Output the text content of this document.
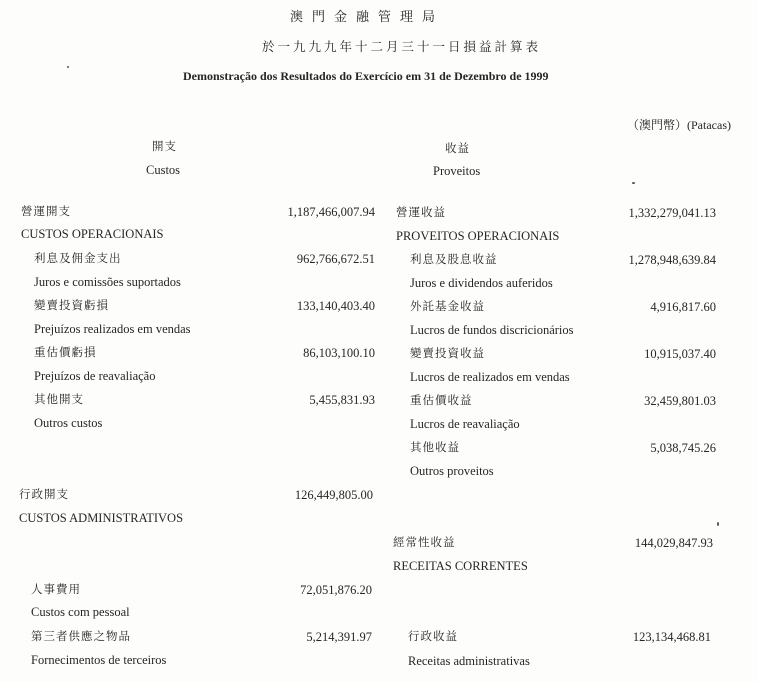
澳門金融管理局
於一九九九年十二月三十一日損益計算表
Demonstração dos Resultados do Exercício em 31 de Dezembro de 1999
（澳門幣）(Patacas)
開支
Custos
收益
Proveitos
營運開支	1,187,466,007.94
CUSTOS OPERACIONAIS
利息及佣金支出	962,766,672.51
Juros e comissões suportados
變賣投資虧損	133,140,403.40
Prejuízos realizados em vendas
重估價虧損	86,103,100.10
Prejuízos de reavaliação
其他開支	5,455,831.93
Outros custos
行政開支	126,449,805.00
CUSTOS ADMINISTRATIVOS
人事費用	72,051,876.20
Custos com pessoal
第三者供應之物品	5,214,391.97
Fornecimentos de terceiros
營運收益	1,332,279,041.13
PROVEITOS OPERACIONAIS
利息及股息收益	1,278,948,639.84
Juros e dividendos auferidos
外託基金收益	4,916,817.60
Lucros de fundos discricionários
變賣投資收益	10,915,037.40
Lucros de realizados em vendas
重估價收益	32,459,801.03
Lucros de reavaliação
其他收益	5,038,745.26
Outros proveitos
經常性收益	144,029,847.93
RECEITAS CORRENTES
行政收益	123,134,468.81
Receitas administrativas
